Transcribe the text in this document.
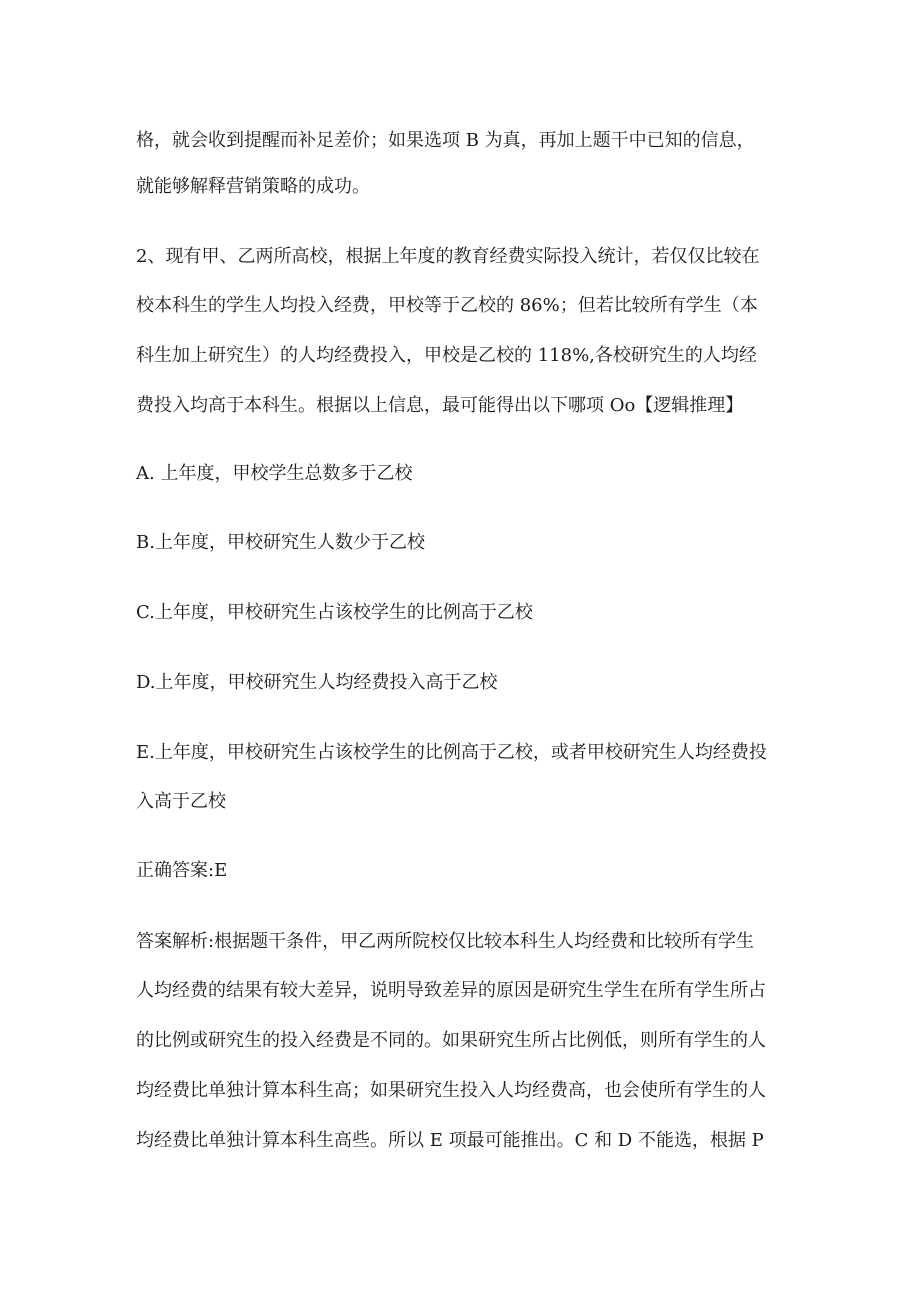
格，就会收到提醒而补足差价；如果选项 B 为真，再加上题干中已知的信息，
就能够解释营销策略的成功。
2、现有甲、乙两所高校，根据上年度的教育经费实际投入统计，若仅仅比较在
校本科生的学生人均投入经费，甲校等于乙校的 86%；但若比较所有学生（本
科生加上研究生）的人均经费投入，甲校是乙校的 118%,各校研究生的人均经
费投入均高于本科生。根据以上信息，最可能得出以下哪项 Oo【逻辑推理】
A. 上年度，甲校学生总数多于乙校
B.上年度，甲校研究生人数少于乙校
C.上年度，甲校研究生占该校学生的比例高于乙校
D.上年度，甲校研究生人均经费投入高于乙校
E.上年度，甲校研究生占该校学生的比例高于乙校，或者甲校研究生人均经费投
入高于乙校
正确答案:E
答案解析:根据题干条件，甲乙两所院校仅比较本科生人均经费和比较所有学生
人均经费的结果有较大差异，说明导致差异的原因是研究生学生在所有学生所占
的比例或研究生的投入经费是不同的。如果研究生所占比例低，则所有学生的人
均经费比单独计算本科生高；如果研究生投入人均经费高，也会使所有学生的人
均经费比单独计算本科生高些。所以 E 项最可能推出。C 和 D 不能选，根据 P
